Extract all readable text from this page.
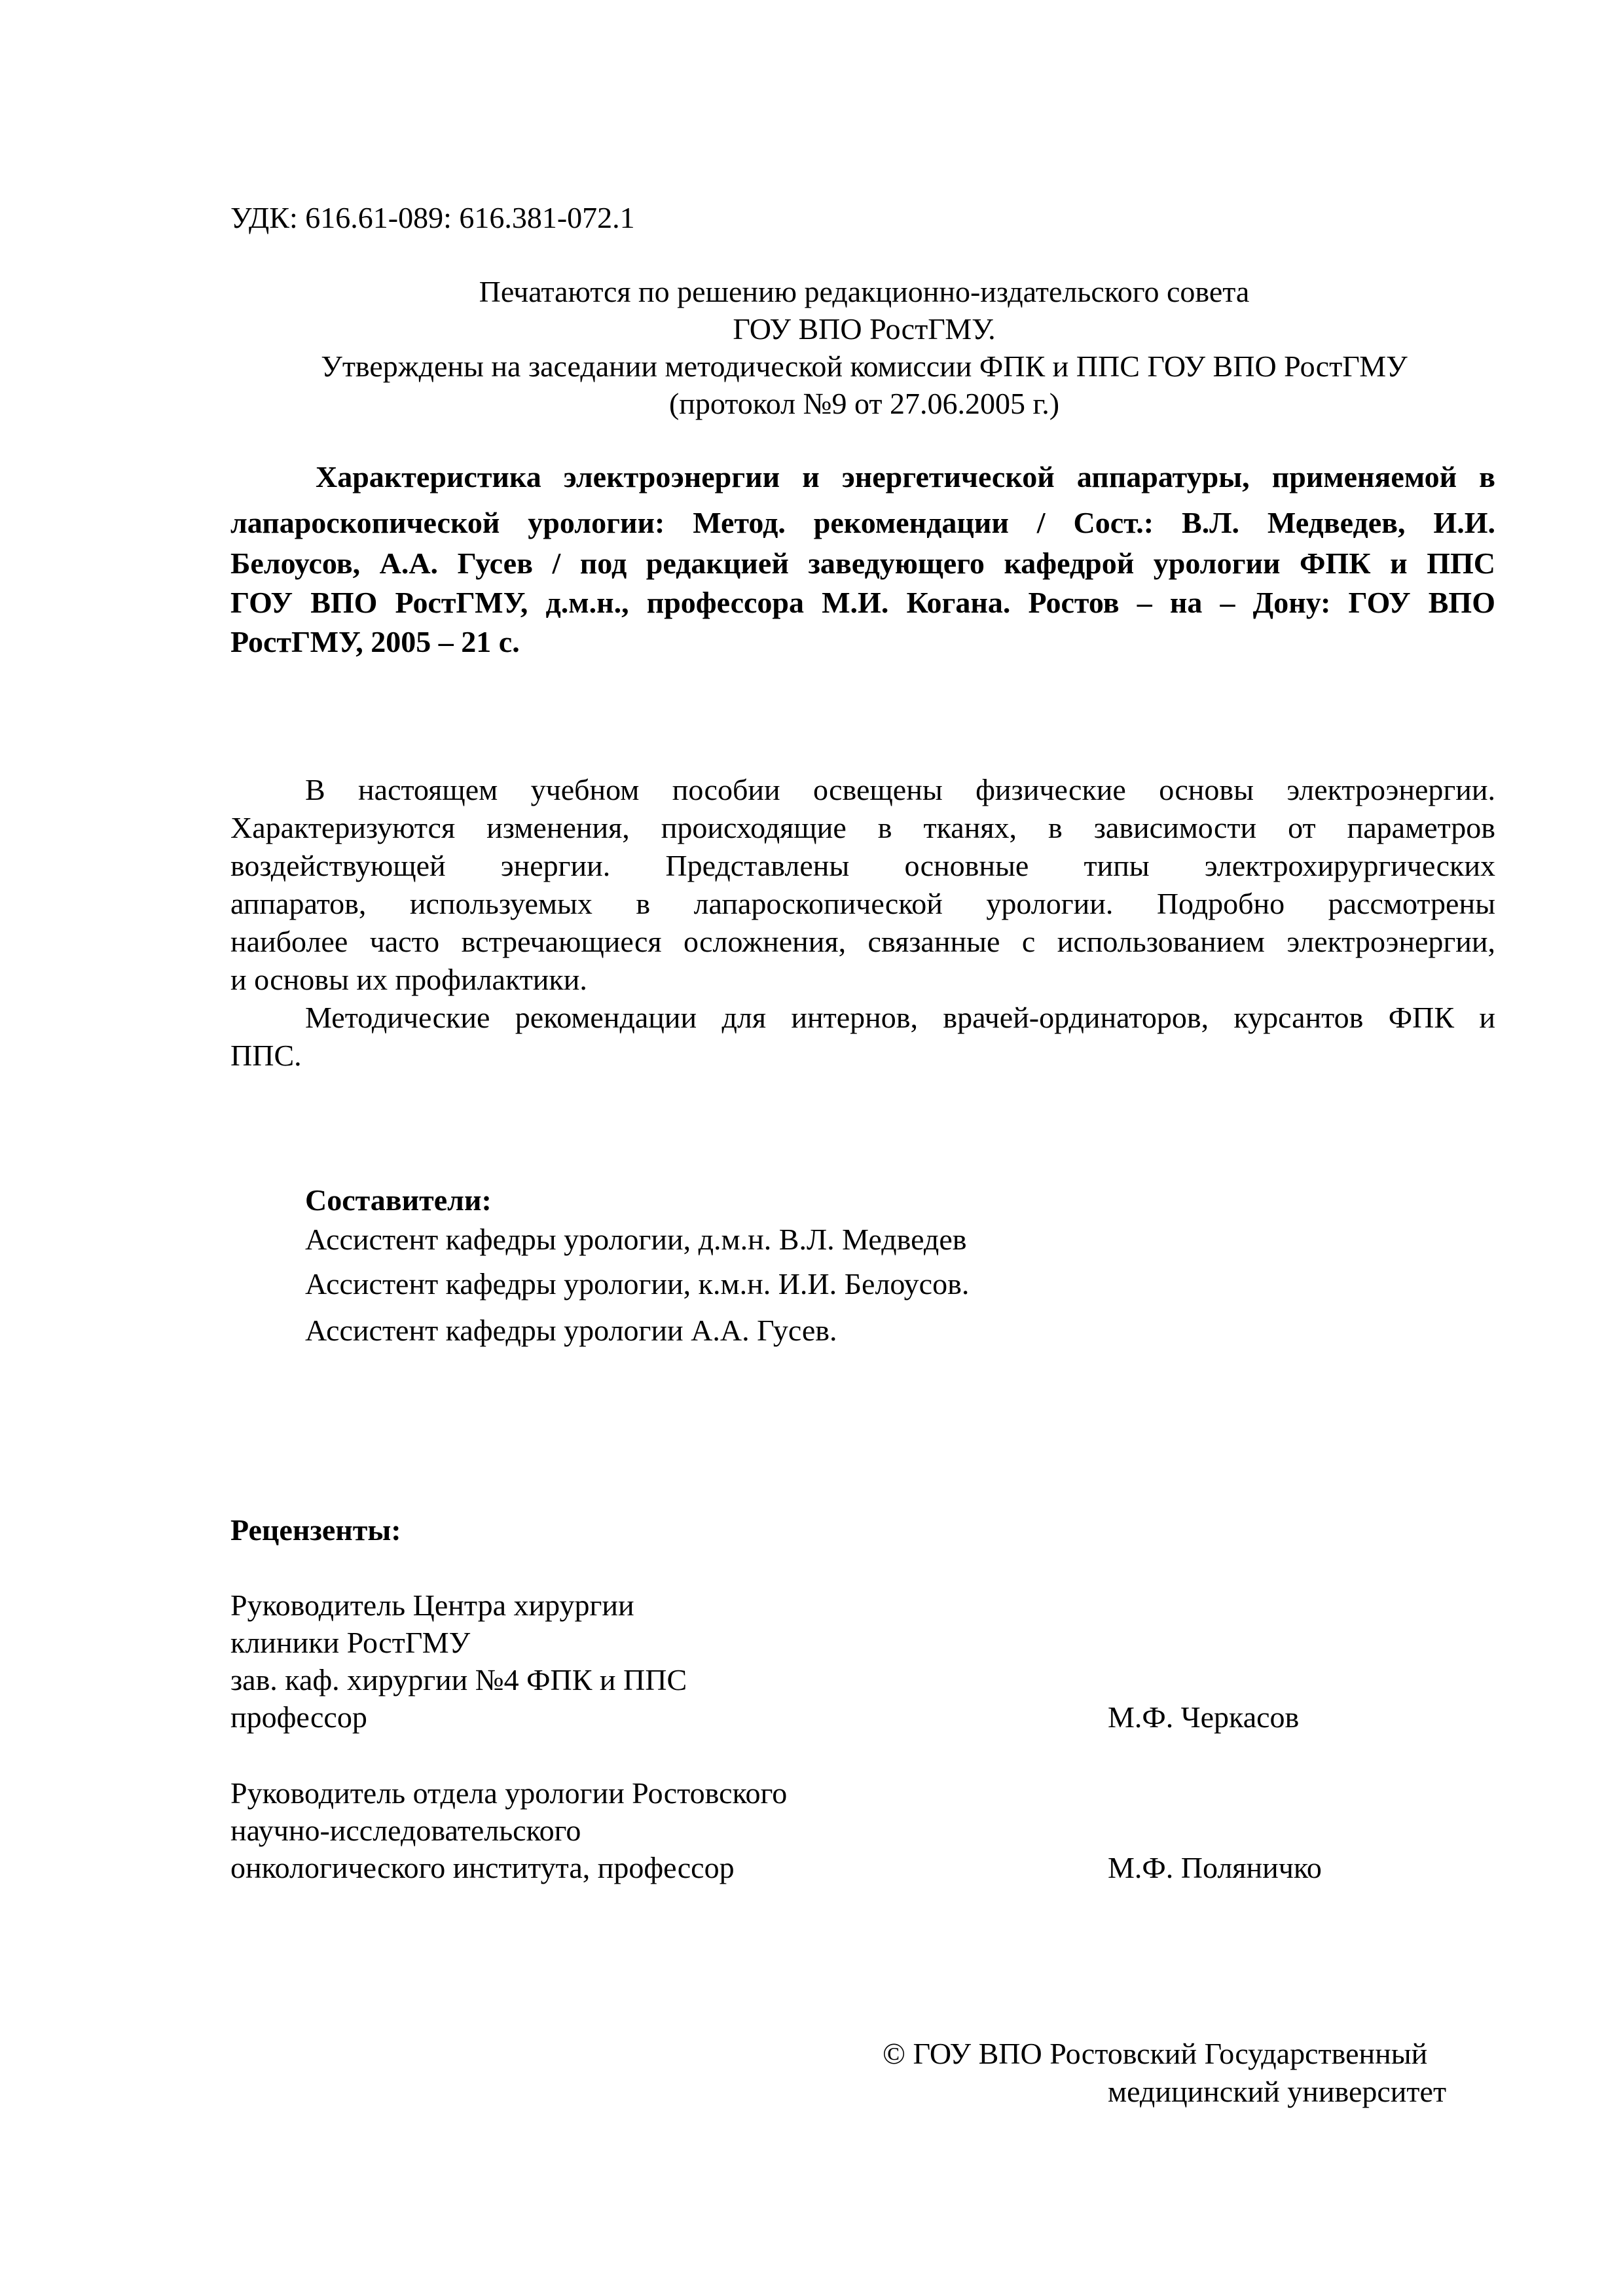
УДК: 616.61-089: 616.381-072.1
Печатаются по решению редакционно-издательского совета
ГОУ ВПО РостГМУ.
Утверждены на заседании методической комиссии ФПК и ППС ГОУ ВПО РостГМУ
(протокол №9 от 27.06.2005 г.)
Характеристика электроэнергии и энергетической аппаратуры, применяемой в
лапароскопической урологии: Метод. рекомендации / Сост.: В.Л. Медведев, И.И.
Белоусов, А.А. Гусев / под редакцией заведующего кафедрой урологии ФПК и ППС
ГОУ ВПО РостГМУ, д.м.н., профессора М.И. Когана. Ростов – на – Дону: ГОУ ВПО
РостГМУ, 2005 – 21 с.
В настоящем учебном пособии освещены физические основы электроэнергии.
Характеризуются изменения, происходящие в тканях, в зависимости от параметров
воздействующей энергии. Представлены основные типы электрохирургических
аппаратов, используемых в лапароскопической урологии. Подробно рассмотрены
наиболее часто встречающиеся осложнения, связанные с использованием электроэнергии,
и основы их профилактики.
Методические рекомендации для интернов, врачей-ординаторов, курсантов ФПК и
ППС.
Составители:
Ассистент кафедры урологии, д.м.н. В.Л. Медведев
Ассистент кафедры урологии, к.м.н. И.И. Белоусов.
Ассистент кафедры урологии А.А. Гусев.
Рецензенты:
Руководитель Центра хирургии
клиники РостГМУ
зав. каф. хирургии №4 ФПК и ППС
профессор	М.Ф. Черкасов
Руководитель отдела урологии Ростовского
научно-исследовательского
онкологического института, профессор	М.Ф. Поляничко
© ГОУ ВПО Ростовский Государственный
медицинский университет
